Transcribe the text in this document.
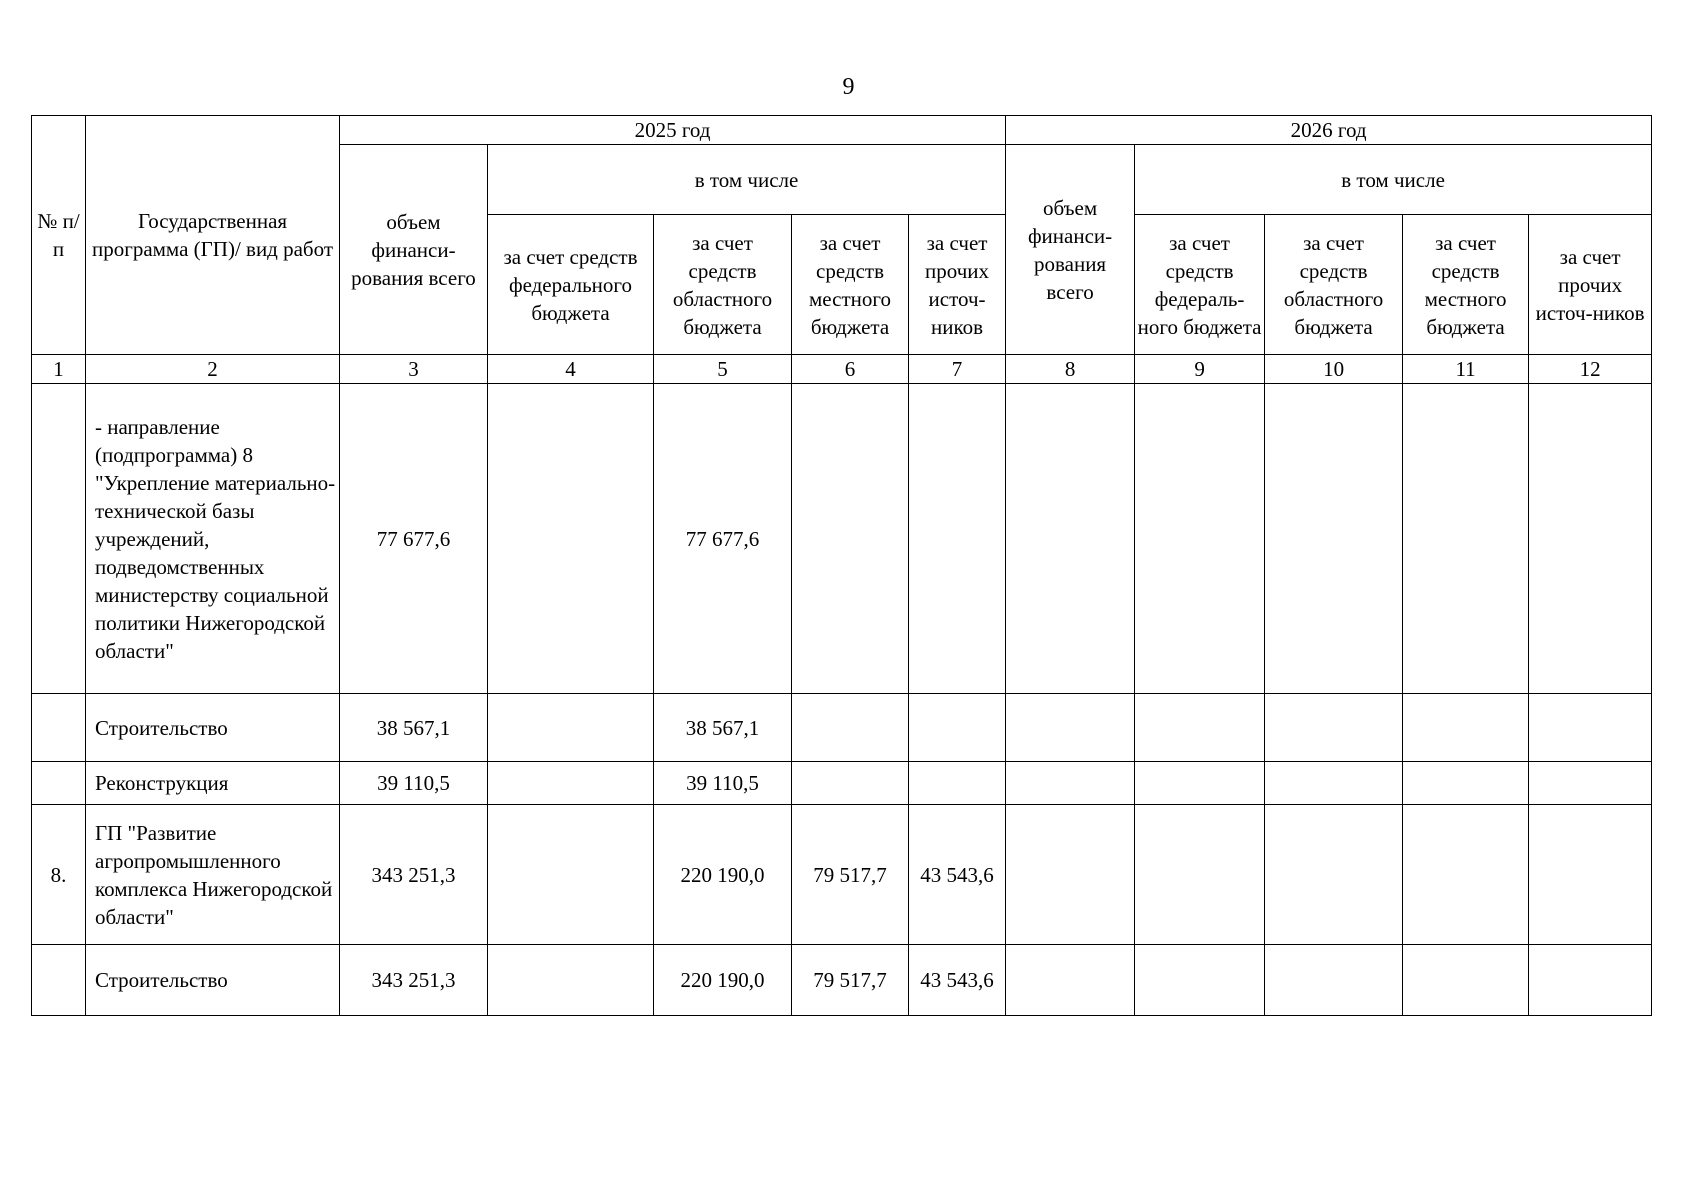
9
№ п/п	Государственная программа (ГП)/ вид работ	2025 год					2026 год				
		объем финанси-рования всего	в том числе				объем финанси-рования всего	в том числе			
			за счет средств федерального бюджета	за счет средств областного бюджета	за счет средств местного бюджета	за счет прочих источ-ников		за счет средств федераль-ного бюджета	за счет средств областного бюджета	за счет средств местного бюджета	за счет прочих источ-ников
1	2	3	4	5	6	7	8	9	10	11	12
	- направление (подпрограмма) 8 "Укрепление материально-технической базы учреждений, подведомственных министерству социальной политики Нижегородской области"	77 677,6		77 677,6							
	Строительство	38 567,1		38 567,1							
	Реконструкция	39 110,5		39 110,5							
8.	ГП "Развитие агропромышленного комплекса Нижегородской области"	343 251,3		220 190,0	79 517,7	43 543,6					
	Строительство	343 251,3		220 190,0	79 517,7	43 543,6					
